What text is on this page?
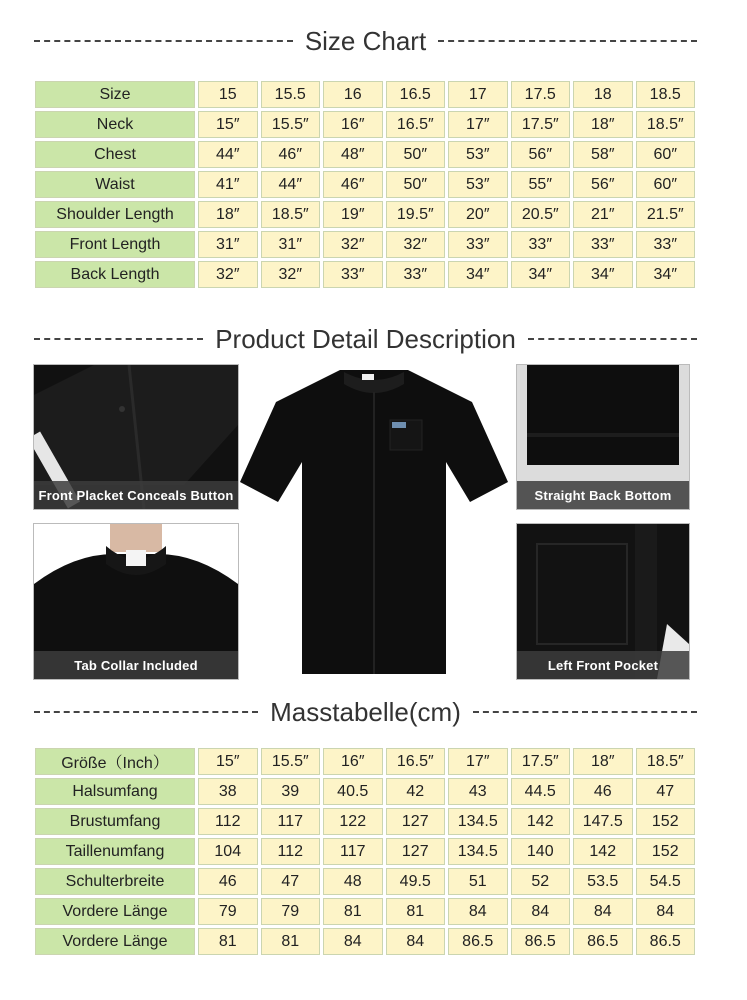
Size Chart
Size	15	15.5	16	16.5	17	17.5	18	18.5
Neck	15″	15.5″	16″	16.5″	17″	17.5″	18″	18.5″
Chest	44″	46″	48″	50″	53″	56″	58″	60″
Waist	41″	44″	46″	50″	53″	55″	56″	60″
Shoulder Length	18″	18.5″	19″	19.5″	20″	20.5″	21″	21.5″
Front Length	31″	31″	32″	32″	33″	33″	33″	33″
Back Length	32″	32″	33″	33″	34″	34″	34″	34″
Product Detail Description
Front Placket Conceals Button
Tab Collar Included
Straight Back Bottom
Left Front Pocket
Masstabelle(cm)
Größe（Inch）	15″	15.5″	16″	16.5″	17″	17.5″	18″	18.5″
Halsumfang	38	39	40.5	42	43	44.5	46	47
Brustumfang	112	117	122	127	134.5	142	147.5	152
Taillenumfang	104	112	117	127	134.5	140	142	152
Schulterbreite	46	47	48	49.5	51	52	53.5	54.5
Vordere Länge	79	79	81	81	84	84	84	84
Vordere Länge	81	81	84	84	86.5	86.5	86.5	86.5
